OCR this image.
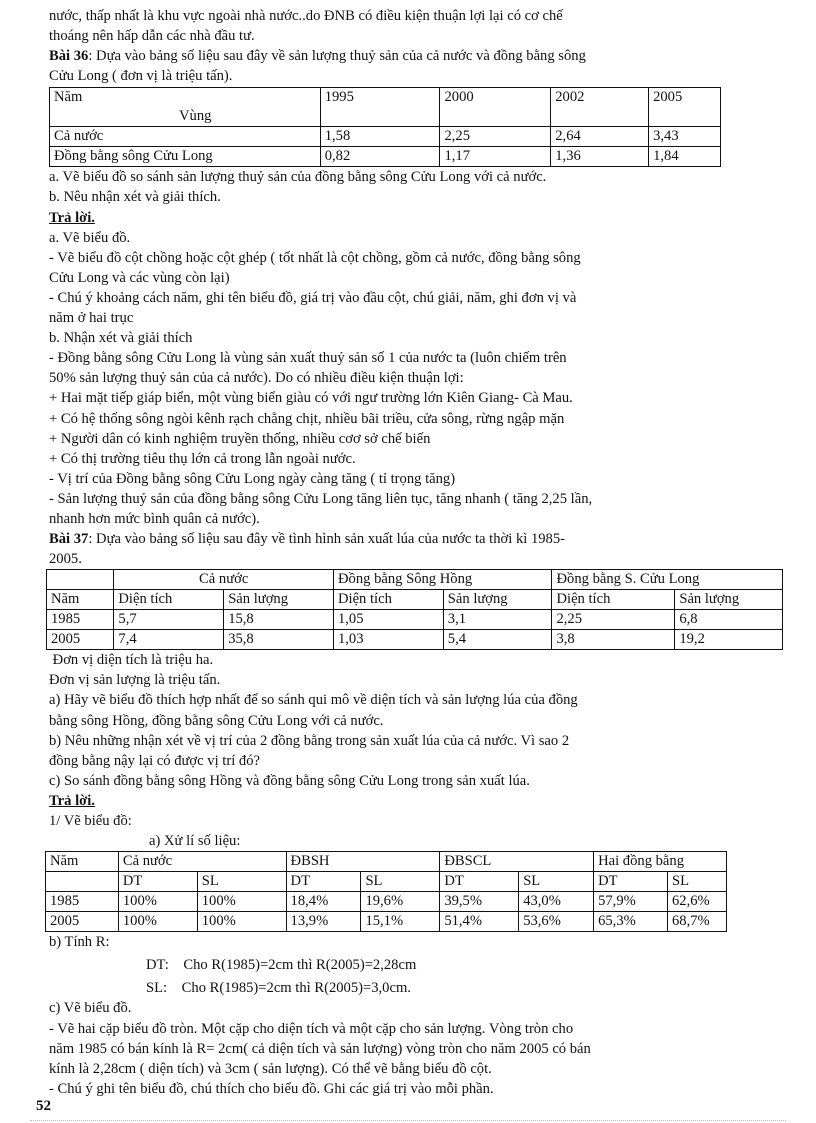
nước, thấp nhất là khu vực ngoài nhà nước..do ĐNB có điều kiện thuận lợi lại có cơ chế

thoáng nên hấp dẫn các nhà đầu tư.

Bài 36: Dựa vào bảng số liệu sau đây về sản lượng thuỷ sản của cả nước và đồng bằng sông

Cửu Long ( đơn vị là triệu tấn).

Năm
Vùng	1995	2000	2002	2005
Cả nước	1,58	2,25	2,64	3,43
Đồng bằng sông Cửu Long	0,82	1,17	1,36	1,84

a. Vẽ biểu đồ so sánh sản lượng thuỷ sản của đồng bằng sông Cửu Long với cả nước.

b. Nêu nhận xét và giải thích.

Trả lời.

a. Vẽ biểu đồ.

- Vẽ biểu đồ cột chồng hoặc cột ghép ( tốt nhất là cột chồng, gồm cả nước, đồng bằng sông

Cửu Long và các vùng còn lại)

- Chú ý khoảng cách năm, ghi tên biểu đồ, giá trị vào đầu cột, chú giải, năm, ghi đơn vị và

năm ở hai trục

b. Nhận xét và giải thích

- Đồng bằng sông Cửu Long là vùng sản xuất thuỷ sản số 1 của nước ta (luôn chiếm trên

50% sản lượng thuỷ sản của cả nước). Do có nhiều điều kiện thuận lợi:

+ Hai mặt tiếp giáp biển, một vùng biển giàu có với ngư trường lớn Kiên Giang- Cà Mau.

+ Có hệ thống sông ngòi kênh rạch chằng chịt, nhiều bãi triều, cửa sông, rừng ngập mặn

+ Người dân có kinh nghiệm truyền thống, nhiều cơơ sở chế biến

+ Có thị trường tiêu thụ lớn cả trong lẫn ngoài nước.

- Vị trí của Đồng bằng sông Cửu Long ngày càng tăng ( tỉ trọng tăng)

- Sản lượng thuỷ sản của đồng bằng sông Cửu Long tăng liên tục, tăng nhanh ( tăng 2,25 lần,

nhanh hơn mức bình quân cả nước).

Bài 37: Dựa vào bảng số liệu sau đây về tình hình sản xuất lúa của nước ta thời kì 1985-

2005.

	Cả nước		Đồng bằng Sông Hồng		Đồng bằng S. Cửu Long	
Năm	Diện tích	Sản lượng	Diện tích	Sản lượng	Diện tích	Sản lượng
1985	5,7	15,8	1,05	3,1	2,25	6,8
2005	7,4	35,8	1,03	5,4	3,8	19,2

Đơn vị diện tích là triệu ha.

Đơn vị sản lượng là triệu tấn.

a) Hãy vẽ biểu đồ thích hợp nhất để so sánh qui mô về diện tích và sản lượng lúa của đồng

bằng sông Hồng, đồng bằng sông Cửu Long với cả nước.

b) Nêu những nhận xét về vị trí của 2 đồng bằng trong sản xuất lúa của cả nước. Vì sao 2

đồng bằng nậy lại có được vị trí đó?

c) So sánh đồng bằng sông Hồng và đồng bằng sông Cửu Long trong sản xuất lúa.

Trả lời.

1/ Vẽ biểu đồ:

a) Xử lí số liệu:

Năm	Cả nước		ĐBSH		ĐBSCL		Hai đồng bằng	
	DT	SL	DT	SL	DT	SL	DT	SL
1985	100%	100%	18,4%	19,6%	39,5%	43,0%	57,9%	62,6%
2005	100%	100%	13,9%	15,1%	51,4%	53,6%	65,3%	68,7%

b) Tính R:

DT:    Cho R(1985)=2cm thì R(2005)=2,28cm

SL:    Cho R(1985)=2cm thì R(2005)=3,0cm.

c) Vẽ biểu đồ.

- Vẽ hai cặp biểu đồ tròn. Một cặp cho diện tích và một cặp cho sản lượng. Vòng tròn cho

năm 1985 có bán kính là R= 2cm( cả diện tích và sản lượng) vòng tròn cho năm 2005 có bán

kính là 2,28cm ( diện tích) và 3cm ( sản lượng). Có thể vẽ bằng biểu đồ cột.

- Chú ý ghi tên biểu đồ, chú thích cho biểu đồ. Ghi các giá trị vào mỗi phần.

52
